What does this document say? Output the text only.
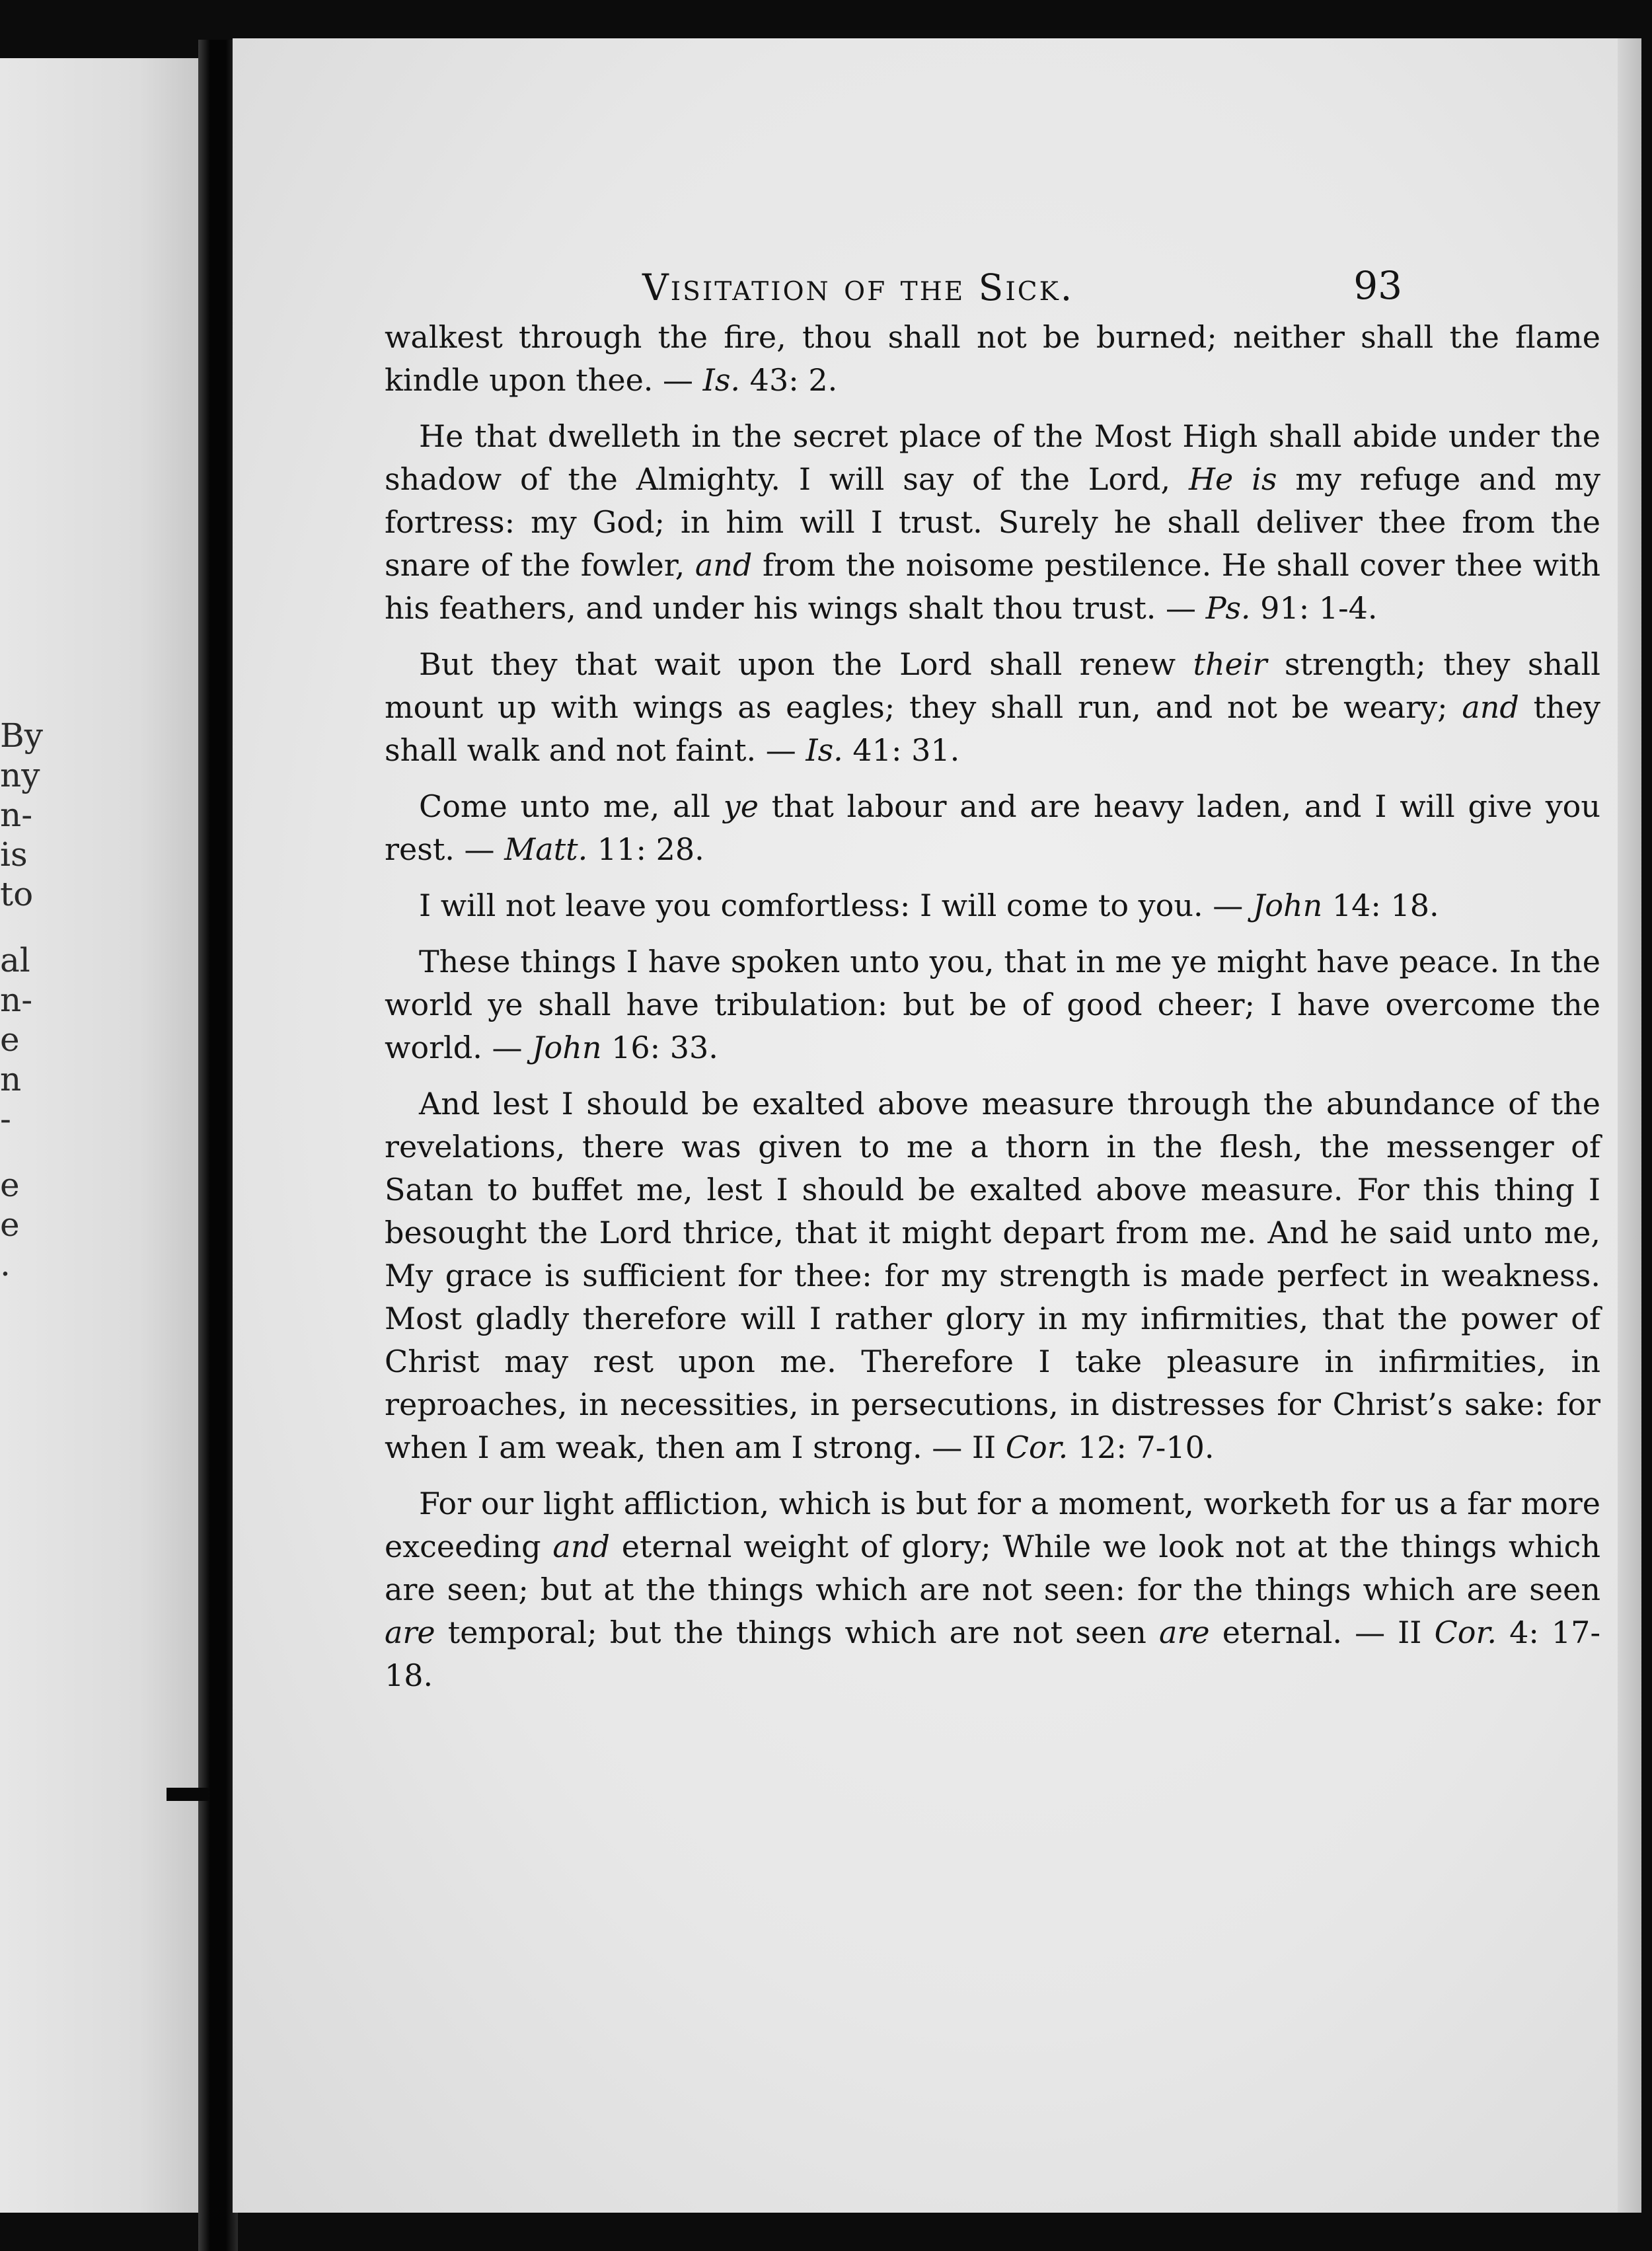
By
ny
n-
is
to
al
n-
e
n
-
e
e
.
Visitation of the Sick.	93

walkest through the fire, thou shall not be burned; neither shall the flame kindle upon thee. — Is. 43: 2.

He that dwelleth in the secret place of the Most High shall abide under the shadow of the Almighty. I will say of the Lord, He is my refuge and my fortress: my God; in him will I trust. Surely he shall deliver thee from the snare of the fowler, and from the noisome pestilence. He shall cover thee with his feathers, and under his wings shalt thou trust. — Ps. 91: 1-4.

But they that wait upon the Lord shall renew their strength; they shall mount up with wings as eagles; they shall run, and not be weary; and they shall walk and not faint. — Is. 41: 31.

Come unto me, all ye that labour and are heavy laden, and I will give you rest. — Matt. 11: 28.

I will not leave you comfortless: I will come to you. — John 14: 18.

These things I have spoken unto you, that in me ye might have peace. In the world ye shall have tribulation: but be of good cheer; I have overcome the world. — John 16: 33.

And lest I should be exalted above measure through the abundance of the revelations, there was given to me a thorn in the flesh, the messenger of Satan to buffet me, lest I should be exalted above measure. For this thing I besought the Lord thrice, that it might depart from me. And he said unto me, My grace is sufficient for thee: for my strength is made perfect in weakness. Most gladly therefore will I rather glory in my infirmities, that the power of Christ may rest upon me. Therefore I take pleasure in infirmities, in reproaches, in necessities, in persecutions, in distresses for Christ’s sake: for when I am weak, then am I strong. — II Cor. 12: 7-10.

For our light affliction, which is but for a moment, worketh for us a far more exceeding and eternal weight of glory; While we look not at the things which are seen; but at the things which are not seen: for the things which are seen are temporal; but the things which are not seen are eternal. — II Cor. 4: 17-18.
